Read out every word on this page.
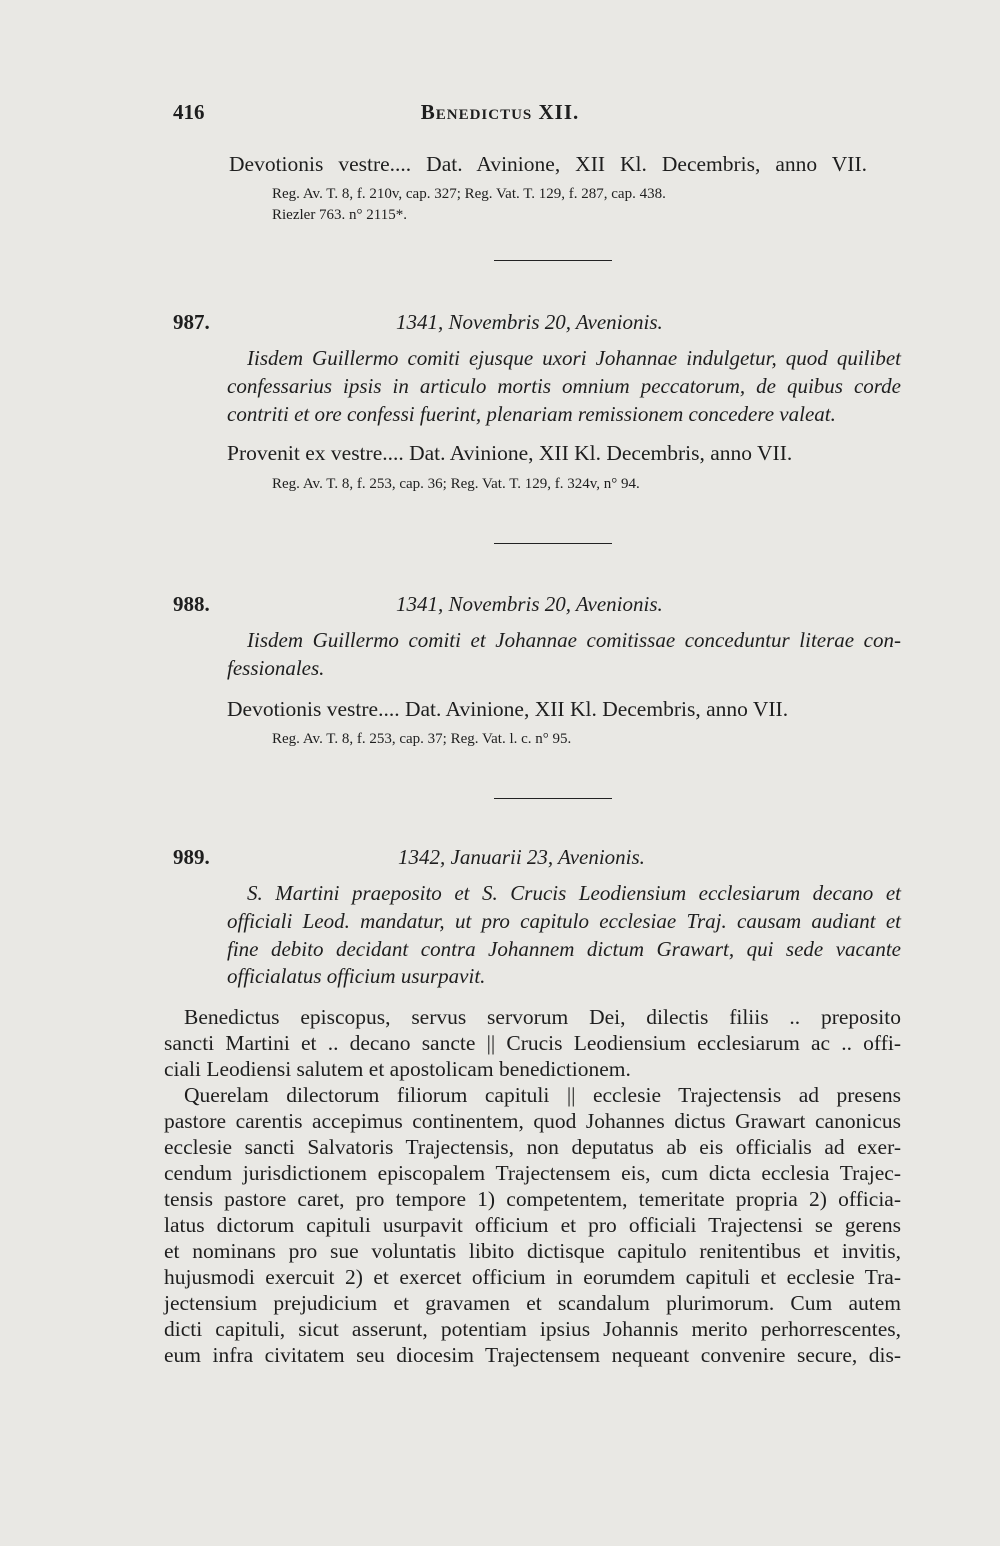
416	Benedictus XII.
Devotionis vestre.... Dat. Avinione, XII Kl. Decembris, anno VII.
Reg. Av. T. 8, f. 210v, cap. 327; Reg. Vat. T. 129, f. 287, cap. 438.
Riezler 763. n° 2115*.
987.	1341, Novembris 20, Avenionis.
Iisdem Guillermo comiti ejusque uxori Johannae indulgetur, quod quilibet
confessarius ipsis in articulo mortis omnium peccatorum, de quibus corde
contriti et ore confessi fuerint, plenariam remissionem concedere valeat.
Provenit ex vestre.... Dat. Avinione, XII Kl. Decembris, anno VII.
Reg. Av. T. 8, f. 253, cap. 36; Reg. Vat. T. 129, f. 324v, n° 94.
988.	1341, Novembris 20, Avenionis.
Iisdem Guillermo comiti et Johannae comitissae conceduntur literae con-
fessionales.
Devotionis vestre.... Dat. Avinione, XII Kl. Decembris, anno VII.
Reg. Av. T. 8, f. 253, cap. 37; Reg. Vat. l. c. n° 95.
989.	1342, Januarii 23, Avenionis.
S. Martini praeposito et S. Crucis Leodiensium ecclesiarum decano et
officiali Leod. mandatur, ut pro capitulo ecclesiae Traj. causam audiant et
fine debito decidant contra Johannem dictum Grawart, qui sede vacante
officialatus officium usurpavit.
Benedictus episcopus, servus servorum Dei, dilectis filiis .. preposito
sancti Martini et .. decano sancte || Crucis Leodiensium ecclesiarum ac .. offi-
ciali Leodiensi salutem et apostolicam benedictionem.
Querelam dilectorum filiorum capituli || ecclesie Trajectensis ad presens
pastore carentis accepimus continentem, quod Johannes dictus Grawart canonicus
ecclesie sancti Salvatoris Trajectensis, non deputatus ab eis officialis ad exer-
cendum jurisdictionem episcopalem Trajectensem eis, cum dicta ecclesia Trajec-
tensis pastore caret, pro tempore 1) competentem, temeritate propria 2) officia-
latus dictorum capituli usurpavit officium et pro officiali Trajectensi se gerens
et nominans pro sue voluntatis libito dictisque capitulo renitentibus et invitis,
hujusmodi exercuit 2) et exercet officium in eorumdem capituli et ecclesie Tra-
jectensium prejudicium et gravamen et scandalum plurimorum. Cum autem
dicti capituli, sicut asserunt, potentiam ipsius Johannis merito perhorrescentes,
eum infra civitatem seu diocesim Trajectensem nequeant convenire secure, dis-
